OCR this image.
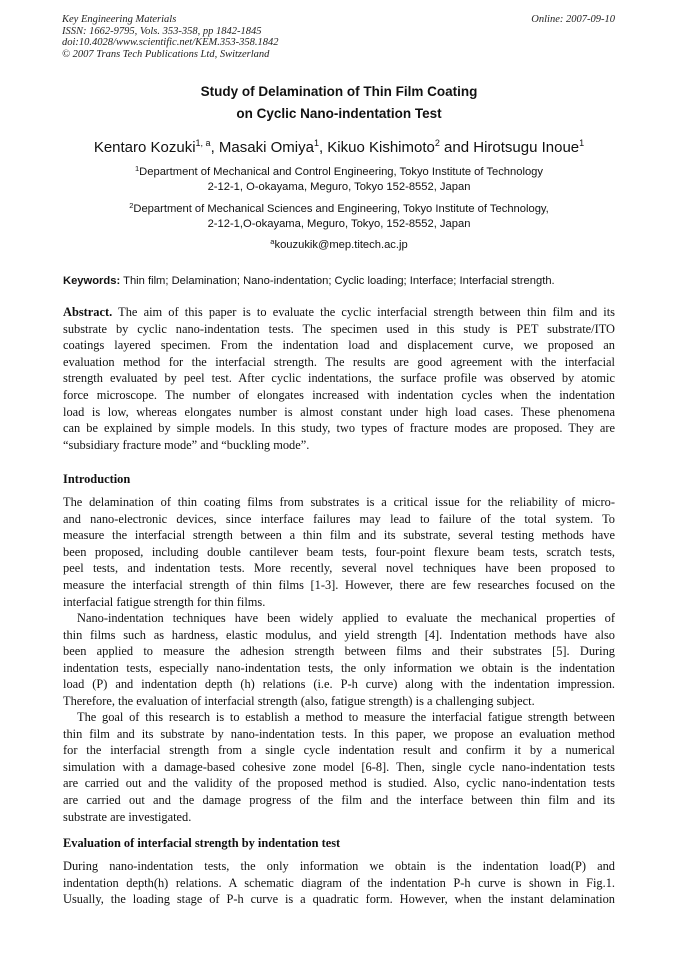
Key Engineering Materials
ISSN: 1662-9795, Vols. 353-358, pp 1842-1845
doi:10.4028/www.scientific.net/KEM.353-358.1842
© 2007 Trans Tech Publications Ltd, Switzerland
Online: 2007-09-10
Study of Delamination of Thin Film Coating
on Cyclic Nano-indentation Test
Kentaro Kozuki$^{1, a}$, Masaki Omiya$^1$, Kikuo Kishimoto$^2$ and Hirotsugu Inoue$^1$
$^1$Department of Mechanical and Control Engineering, Tokyo Institute of Technology
2-12-1, O-okayama, Meguro, Tokyo 152-8552, Japan
$^2$Department of Mechanical Sciences and Engineering, Tokyo Institute of Technology,
2-12-1,O-okayama, Meguro, Tokyo, 152-8552, Japan
$^a$kouzukik@mep.titech.ac.jp
Keywords: Thin film; Delamination; Nano-indentation; Cyclic loading; Interface; Interfacial strength.
Abstract. The aim of this paper is to evaluate the cyclic interfacial strength between thin film and its
substrate by cyclic nano-indentation tests. The specimen used in this study is PET substrate/ITO
coatings layered specimen. From the indentation load and displacement curve, we proposed an
evaluation method for the interfacial strength. The results are good agreement with the interfacial
strength evaluated by peel test. After cyclic indentations, the surface profile was observed by atomic
force microscope. The number of elongates increased with indentation cycles when the indentation
load is low, whereas elongates number is almost constant under high load cases. These phenomena
can be explained by simple models. In this study, two types of fracture modes are proposed. They are
“subsidiary fracture mode” and “buckling mode”.
Introduction
The delamination of thin coating films from substrates is a critical issue for the reliability of micro-
and nano-electronic devices, since interface failures may lead to failure of the total system. To
measure the interfacial strength between a thin film and its substrate, several testing methods have
been proposed, including double cantilever beam tests, four-point flexure beam tests, scratch tests,
peel tests, and indentation tests. More recently, several novel techniques have been proposed to
measure the interfacial strength of thin films [1-3]. However, there are few researches focused on the
interfacial fatigue strength for thin films.
Nano-indentation techniques have been widely applied to evaluate the mechanical properties of
thin films such as hardness, elastic modulus, and yield strength [4]. Indentation methods have also
been applied to measure the adhesion strength between films and their substrates [5]. During
indentation tests, especially nano-indentation tests, the only information we obtain is the indentation
load (P) and indentation depth (h) relations (i.e. P-h curve) along with the indentation impression.
Therefore, the evaluation of interfacial strength (also, fatigue strength) is a challenging subject.
The goal of this research is to establish a method to measure the interfacial fatigue strength between
thin film and its substrate by nano-indentation tests. In this paper, we propose an evaluation method
for the interfacial strength from a single cycle indentation result and confirm it by a numerical
simulation with a damage-based cohesive zone model [6-8]. Then, single cycle nano-indentation tests
are carried out and the validity of the proposed method is studied. Also, cyclic nano-indentation tests
are carried out and the damage progress of the film and the interface between thin film and its
substrate are investigated.
Evaluation of interfacial strength by indentation test
During nano-indentation tests, the only information we obtain is the indentation load(P) and
indentation depth(h) relations. A schematic diagram of the indentation P-h curve is shown in Fig.1.
Usually, the loading stage of P-h curve is a quadratic form. However, when the instant delamination
